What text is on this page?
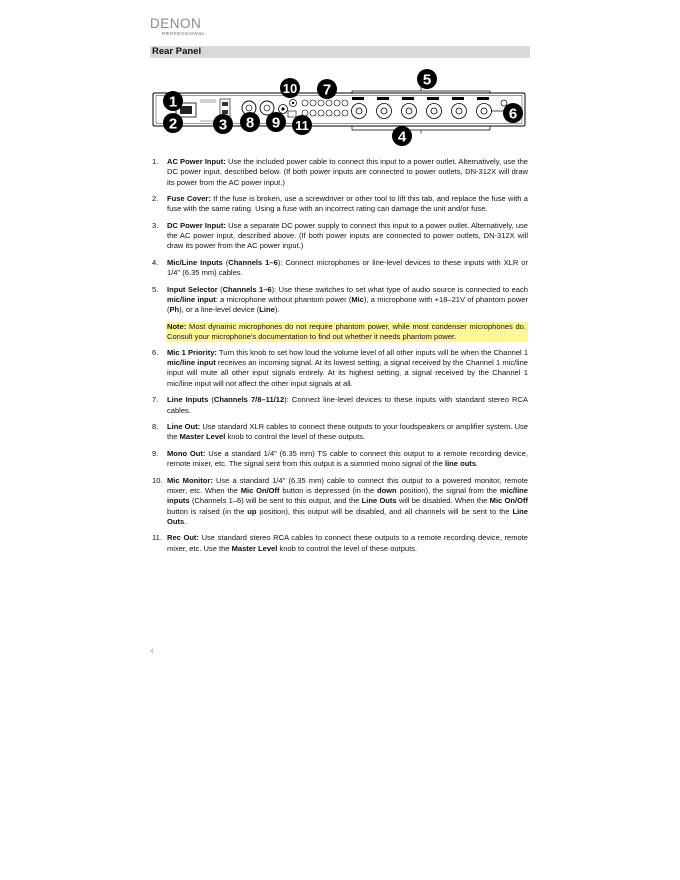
DENON
PROFESSIONAL
Rear Panel
1
2	3
4
5
6
7
8 9
10
11
1. AC Power Input: Use the included power cable to connect this input to a power outlet. Alternatively, use the DC power input, described below. (If both power inputs are connected to power outlets, DN-312X will draw its power from the AC power input.)
2. Fuse Cover: If the fuse is broken, use a screwdriver or other tool to lift this tab, and replace the fuse with a fuse with the same rating. Using a fuse with an incorrect rating can damage the unit and/or fuse.
3. DC Power Input: Use a separate DC power supply to connect this input to a power outlet. Alternatively, use the AC power input, described above. (If both power inputs are connected to power outlets, DN-312X will draw its power from the AC power input.)
4. Mic/Line Inputs (Channels 1–6): Connect microphones or line-level devices to these inputs with XLR or 1/4" (6.35 mm) cables.
5. Input Selector (Channels 1–6): Use these switches to set what type of audio source is connected to each mic/line input: a microphone without phantom power (Mic), a microphone with +18–21V of phantom power (Ph), or a line-level device (Line).
Note: Most dynamic microphones do not require phantom power, while most condenser microphones do. Consult your microphone's documentation to find out whether it needs phantom power.
6. Mic 1 Priority: Turn this knob to set how loud the volume level of all other inputs will be when the Channel 1 mic/line input receives an incoming signal. At its lowest setting, a signal received by the Channel 1 mic/line input will mute all other input signals entirely. At its highest setting, a signal received by the Channel 1 mic/line input will not affect the other input signals at all.
7. Line Inputs (Channels 7/8–11/12): Connect line-level devices to these inputs with standard stereo RCA cables.
8. Line Out: Use standard XLR cables to connect these outputs to your loudspeakers or amplifier system. Use the Master Level knob to control the level of these outputs.
9. Mono Out: Use a standard 1/4" (6.35 mm) TS cable to connect this output to a remote recording device, remote mixer, etc. The signal sent from this output is a summed mono signal of the line outs.
10. Mic Monitor: Use a standard 1/4" (6.35 mm) cable to connect this output to a powered monitor, remote mixer, etc. When the Mic On/Off button is depressed (in the down position), the signal from the mic/line inputs (Channels 1–6) will be sent to this output, and the Line Outs will be disabled. When the Mic On/Off button is raised (in the up position), this output will be disabled, and all channels will be sent to the Line Outs.
11. Rec Out: Use standard stereo RCA cables to connect these outputs to a remote recording device, remote mixer, etc. Use the Master Level knob to control the level of these outputs.
4
